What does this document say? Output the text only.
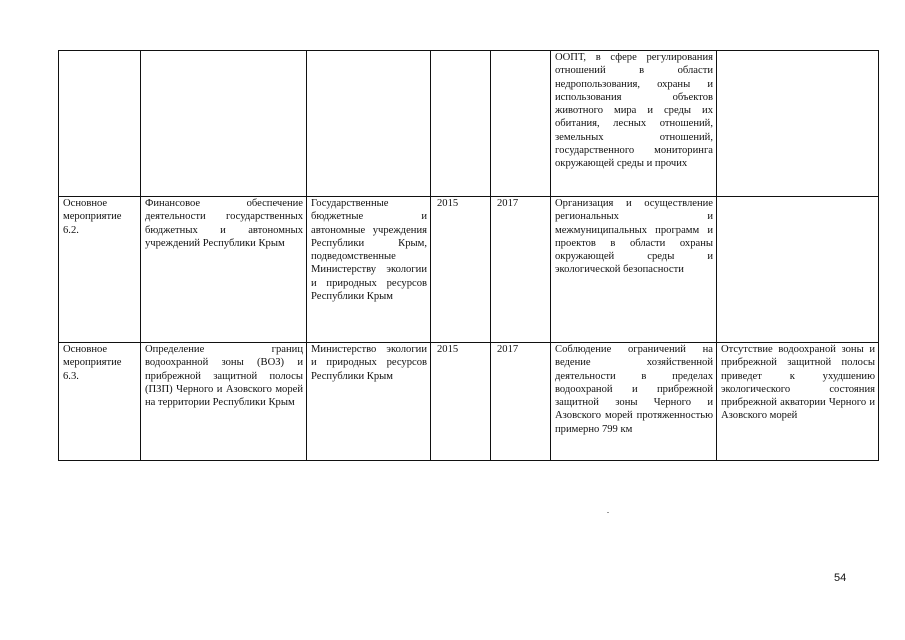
					ООПТ, в сфере регулирования отношений в области недропользования, охраны и использования объектов животного мира и среды их обитания, лесных отношений, земельных отношений, государственного мониторинга окружающей среды и прочих	
Основное мероприятие 6.2.	Финансовое обеспечение деятельности государственных бюджетных и автономных учреждений Республики Крым	Государственные бюджетные и автономные учреждения Республики Крым, подведомственные Министерству экологии и природных ресурсов Республики Крым	2015	2017	Организация и осуществление региональных и межмуниципальных программ и проектов в области охраны окружающей среды и экологической безопасности	
Основное мероприятие 6.3.	Определение границ водоохранной зоны (ВОЗ) и прибрежной защитной полосы (ПЗП) Черного и Азовского морей на территории Республики Крым	Министерство экологии и природных ресурсов Республики Крым	2015	2017	Соблюдение ограничений на ведение хозяйственной деятельности в пределах водоохраной и прибрежной защитной зоны Черного и Азовского морей протяженностью примерно 799 км	Отсутствие водоохраной зоны и прибрежной защитной полосы приведет к ухудшению экологического состояния прибрежной акватории Черного и Азовского морей
54
